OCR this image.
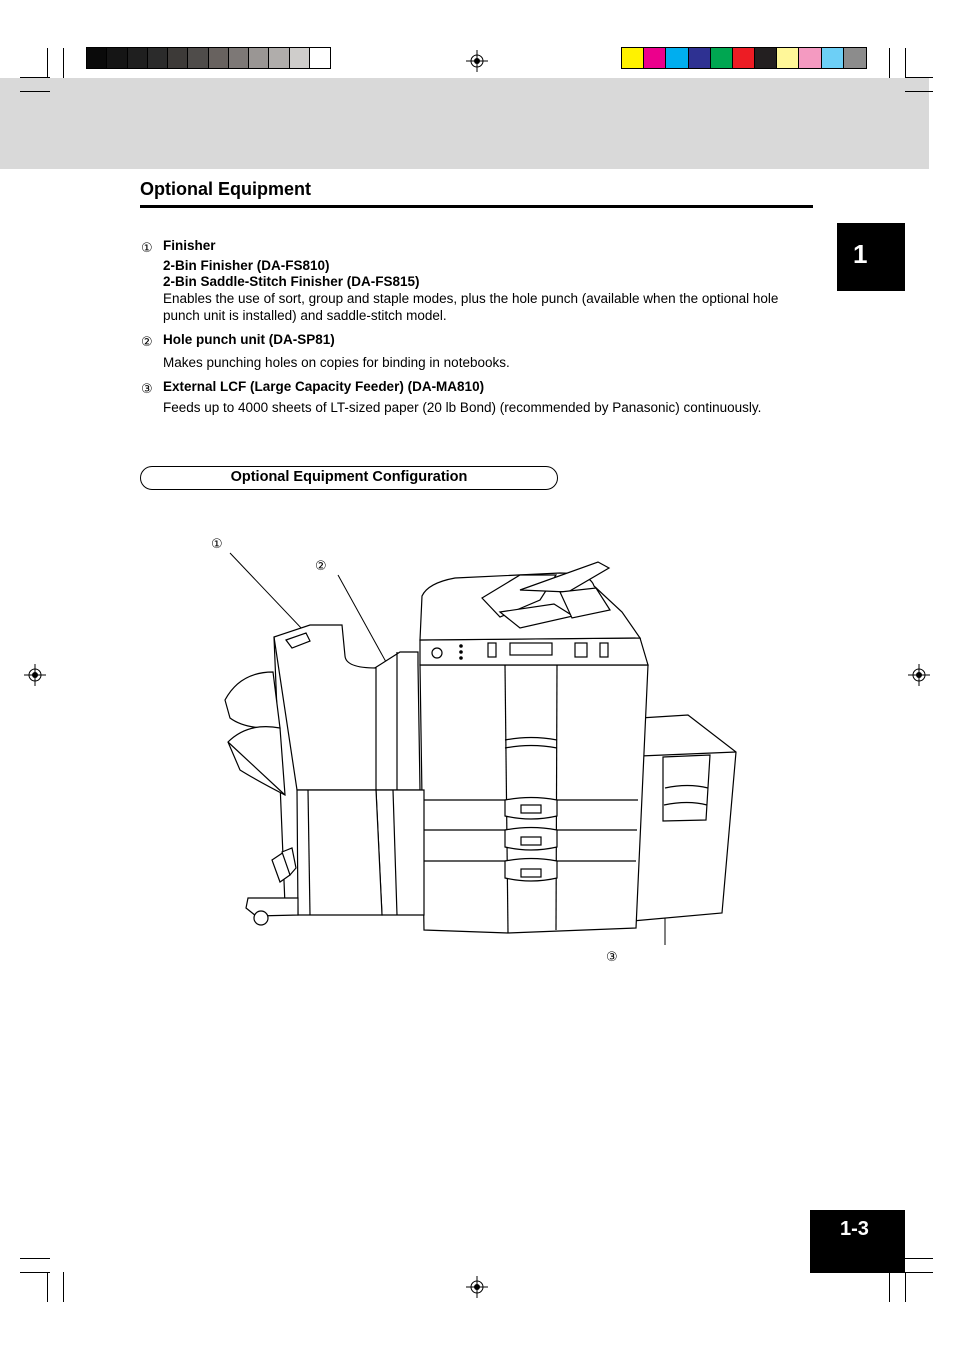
Optional Equipment
1
1-3
① Finisher
2-Bin Finisher (DA-FS810)
2-Bin Saddle-Stitch Finisher (DA-FS815)
Enables the use of sort, group and staple modes, plus the hole punch (available when the optional hole
punch unit is installed) and saddle-stitch model.
② Hole punch unit (DA-SP81)
Makes punching holes on copies for binding in notebooks.
③ External LCF (Large Capacity Feeder) (DA-MA810)
Feeds up to 4000 sheets of LT-sized paper (20 lb Bond) (recommended by Panasonic) continuously.
Optional Equipment Configuration
①
②
③
